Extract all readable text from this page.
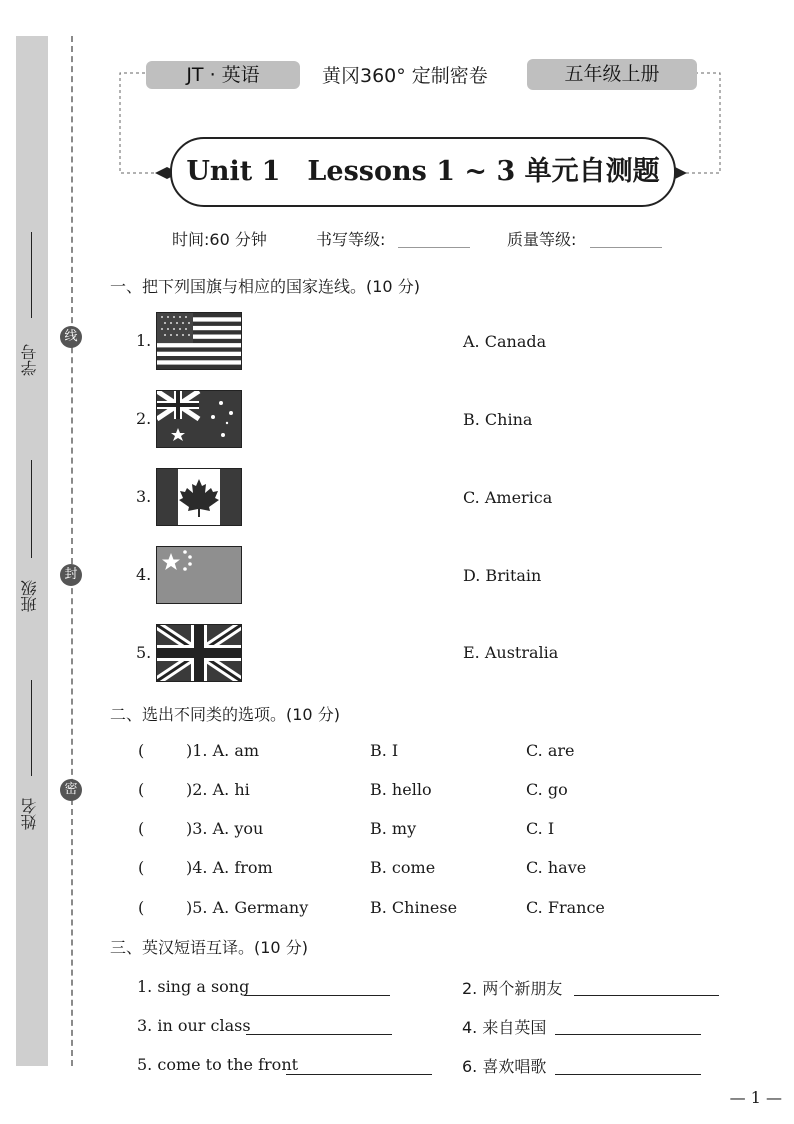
学号
班级
姓名
线
封
密
JT · 英语	黄冈360° 定制密卷	五年级上册
Unit 1　Lessons 1 ~ 3 单元自测题
时间:60 分钟	书写等级:	质量等级:
一、把下列国旗与相应的国家连线。(10 分)
1.
2.
3.
4.
5.
A. Canada
B. China
C. America
D. Britain
E. Australia
二、选出不同类的选项。(10 分)
(	)1. A. am	B. I	C. are
(	)2. A. hi	B. hello	C. go
(	)3. A. you	B. my	C. I
(	)4. A. from	B. come	C. have
(	)5. A. Germany	B. Chinese	C. France
三、英汉短语互译。(10 分)
1. sing a song	2. 两个新朋友
3. in our class	4. 来自英国
5. come to the front	6. 喜欢唱歌
— 1 —
